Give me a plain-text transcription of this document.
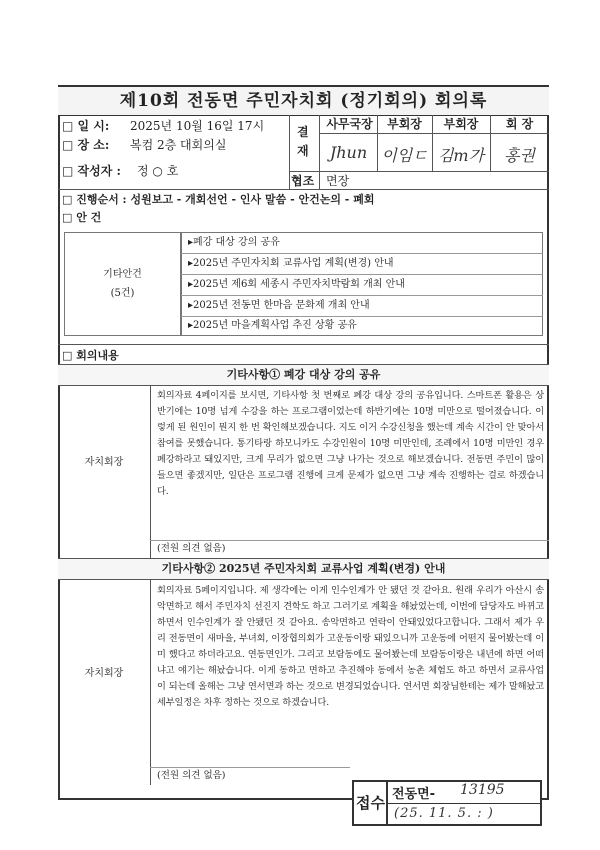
제10회 전동면 주민자치회 (정기회의) 회의록
□ 일 시: 2025년 10월 16일 17시
□ 장 소: 복컴 2층 대회의실
□ 작성자 : 정 ○ 호
결
재
사무국장	부회장	부회장	회 장
Jhun 이임ㄷ 김m가	홍권
협조 면장
□ 진행순서 : 성원보고 - 개회선언 - 인사 말씀 - 안건논의 - 폐회
□ 안 건
기타안건
(5건)
▸폐강 대상 강의 공유
▸2025년 주민자치회 교류사업 계획(변경) 안내
▸2025년 제6회 세종시 주민자치박람회 개최 안내
▸2025년 전동면 한마음 문화제 개최 안내
▸2025년 마을계획사업 추진 상황 공유
□ 회의내용
기타사항① 폐강 대상 강의 공유
자치회장
회의자료 4페이지를 보시면, 기타사항 첫 번째로 폐강 대상 강의 공유입니다. 스마트폰 활용은 상반기에는 10명 넘게 수강을 하는 프로그램이었는데 하반기에는 10명 미만으로 떨어졌습니다. 이렇게 된 원인이 뭔지 한 번 확인해보겠습니다. 지도 이거 수강신청을 했는데 계속 시간이 안 맞아서 참여를 못했습니다. 통기타랑 하모니카도 수강인원이 10명 미만인데, 조례에서 10명 미만인 경우 폐강하라고 돼있지만, 크게 무리가 없으면 그냥 나가는 것으로 해보겠습니다. 전동면 주민이 많이 들으면 좋겠지만, 일단은 프로그램 진행에 크게 문제가 없으면 그냥 계속 진행하는 걸로 하겠습니다.
(전원 의견 없음)
기타사항② 2025년 주민자치회 교류사업 계획(변경) 안내
자치회장
회의자료 5페이지입니다. 제 생각에는 이게 인수인계가 안 됐던 것 같아요. 원래 우리가 아산시 송악면하고 해서 주민자치 선진지 견학도 하고 그러기로 계획을 해놨었는데, 이번에 담당자도 바뀌고 하면서 인수인계가 잘 안됐던 것 같아요. 송악면하고 연락이 안돼있었다고합니다. 그래서 제가 우리 전동면이 새마을, 부녀회, 이장협의회가 고운동이랑 돼있으니까 고운동에 어떤지 물어봤는데 이미 했다고 하더라고요. 연동면인가. 그리고 보람동에도 물어봤는데 보람동이랑은 내년에 하면 어떠냐고 얘기는 해놨습니다. 이게 동하고 면하고 추진해야 동에서 농촌 체험도 하고 하면서 교류사업이 되는데 올해는 그냥 연서면과 하는 것으로 변경되었습니다. 연서면 회장님한테는 제가 말해놨고 세부일정은 차후 정하는 것으로 하겠습니다.
(전원 의견 없음)
접수 전동면- 13195
(25. 11. 5. : )
